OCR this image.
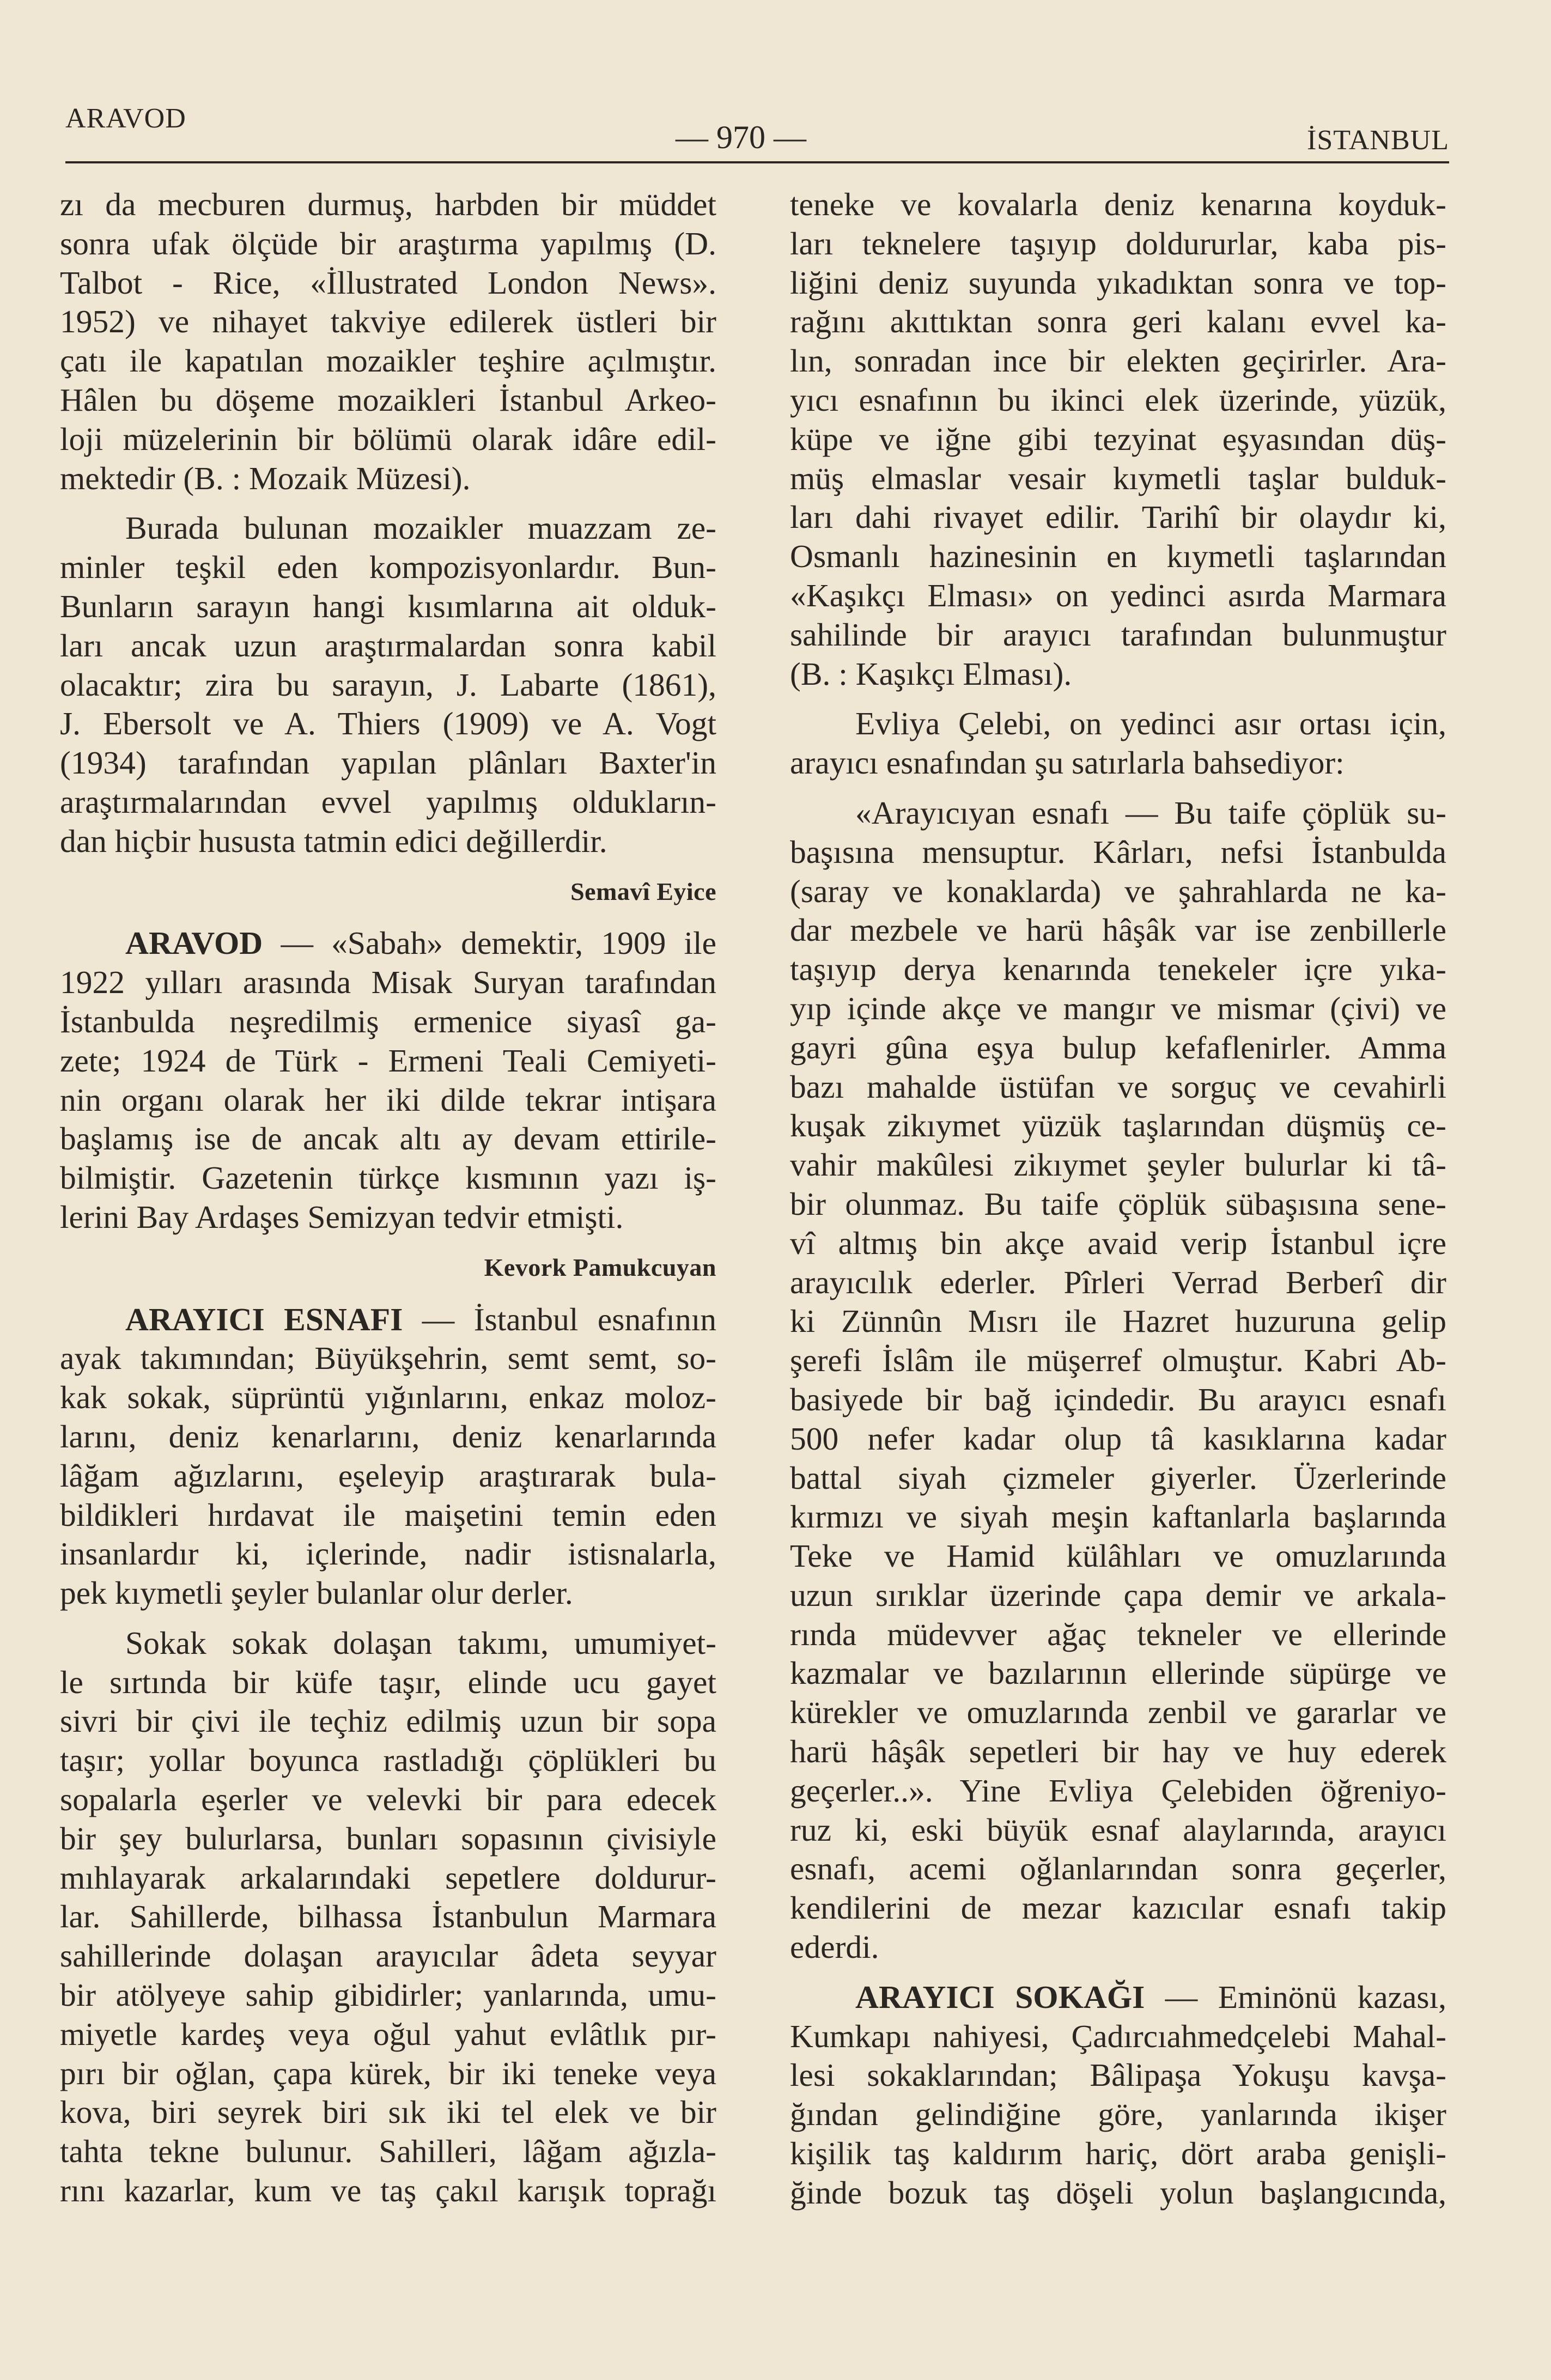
ARAVOD
— 970 —	İSTANBUL
zı da mecburen durmuş, harbden bir müddet
sonra ufak ölçüde bir araştırma yapılmış (D.
Talbot - Rice, «İllustrated London News».
1952) ve nihayet takviye edilerek üstleri bir
çatı ile kapatılan mozaikler teşhire açılmıştır.
Hâlen bu döşeme mozaikleri İstanbul Arkeo-
loji müzelerinin bir bölümü olarak idâre edil-
mektedir (B. : Mozaik Müzesi).
Burada bulunan mozaikler muazzam ze-
minler teşkil eden kompozisyonlardır. Bun-
Bunların sarayın hangi kısımlarına ait olduk-
ları ancak uzun araştırmalardan sonra kabil
olacaktır; zira bu sarayın, J. Labarte (1861),
J. Ebersolt ve A. Thiers (1909) ve A. Vogt
(1934) tarafından yapılan plânları Baxter'in
araştırmalarından evvel yapılmış oldukların-
dan hiçbir hususta tatmin edici değillerdir.
Semavî Eyice
ARAVOD — «Sabah» demektir, 1909 ile
1922 yılları arasında Misak Suryan tarafından
İstanbulda neşredilmiş ermenice siyasî ga-
zete; 1924 de Türk - Ermeni Teali Cemiyeti-
nin organı olarak her iki dilde tekrar intişara
başlamış ise de ancak altı ay devam ettirile-
bilmiştir. Gazetenin türkçe kısmının yazı iş-
lerini Bay Ardaşes Semizyan tedvir etmişti.
Kevork Pamukcuyan
ARAYICI ESNAFI — İstanbul esnafının
ayak takımından; Büyükşehrin, semt semt, so-
kak sokak, süprüntü yığınlarını, enkaz moloz-
larını, deniz kenarlarını, deniz kenarlarında
lâğam ağızlarını, eşeleyip araştırarak bula-
bildikleri hırdavat ile maişetini temin eden
insanlardır ki, içlerinde, nadir istisnalarla,
pek kıymetli şeyler bulanlar olur derler.
Sokak sokak dolaşan takımı, umumiyet-
le sırtında bir küfe taşır, elinde ucu gayet
sivri bir çivi ile teçhiz edilmiş uzun bir sopa
taşır; yollar boyunca rastladığı çöplükleri bu
sopalarla eşerler ve velevki bir para edecek
bir şey bulurlarsa, bunları sopasının çivisiyle
mıhlayarak arkalarındaki sepetlere doldurur-
lar. Sahillerde, bilhassa İstanbulun Marmara
sahillerinde dolaşan arayıcılar âdeta seyyar
bir atölyeye sahip gibidirler; yanlarında, umu-
miyetle kardeş veya oğul yahut evlâtlık pır-
pırı bir oğlan, çapa kürek, bir iki teneke veya
kova, biri seyrek biri sık iki tel elek ve bir
tahta tekne bulunur. Sahilleri, lâğam ağızla-
rını kazarlar, kum ve taş çakıl karışık toprağı
teneke ve kovalarla deniz kenarına koyduk-
ları teknelere taşıyıp doldururlar, kaba pis-
liğini deniz suyunda yıkadıktan sonra ve top-
rağını akıttıktan sonra geri kalanı evvel ka-
lın, sonradan ince bir elekten geçirirler. Ara-
yıcı esnafının bu ikinci elek üzerinde, yüzük,
küpe ve iğne gibi tezyinat eşyasından düş-
müş elmaslar vesair kıymetli taşlar bulduk-
ları dahi rivayet edilir. Tarihî bir olaydır ki,
Osmanlı hazinesinin en kıymetli taşlarından
«Kaşıkçı Elması» on yedinci asırda Marmara
sahilinde bir arayıcı tarafından bulunmuştur
(B. : Kaşıkçı Elması).
Evliya Çelebi, on yedinci asır ortası için,
arayıcı esnafından şu satırlarla bahsediyor:
«Arayıcıyan esnafı — Bu taife çöplük su-
başısına mensuptur. Kârları, nefsi İstanbulda
(saray ve konaklarda) ve şahrahlarda ne ka-
dar mezbele ve harü hâşâk var ise zenbillerle
taşıyıp derya kenarında tenekeler içre yıka-
yıp içinde akçe ve mangır ve mismar (çivi) ve
gayri gûna eşya bulup kefaflenirler. Amma
bazı mahalde üstüfan ve sorguç ve cevahirli
kuşak zikıymet yüzük taşlarından düşmüş ce-
vahir makûlesi zikıymet şeyler bulurlar ki tâ-
bir olunmaz. Bu taife çöplük sübaşısına sene-
vî altmış bin akçe avaid verip İstanbul içre
arayıcılık ederler. Pîrleri Verrad Berberî dir
ki Zünnûn Mısrı ile Hazret huzuruna gelip
şerefi İslâm ile müşerref olmuştur. Kabri Ab-
basiyede bir bağ içindedir. Bu arayıcı esnafı
500 nefer kadar olup tâ kasıklarına kadar
battal siyah çizmeler giyerler. Üzerlerinde
kırmızı ve siyah meşin kaftanlarla başlarında
Teke ve Hamid külâhları ve omuzlarıında
uzun sırıklar üzerinde çapa demir ve arkala-
rında müdevver ağaç tekneler ve ellerinde
kazmalar ve bazılarının ellerinde süpürge ve
kürekler ve omuzlarında zenbil ve gararlar ve
harü hâşâk sepetleri bir hay ve huy ederek
geçerler..». Yine Evliya Çelebiden öğreniyo-
ruz ki, eski büyük esnaf alaylarında, arayıcı
esnafı, acemi oğlanlarından sonra geçerler,
kendilerini de mezar kazıcılar esnafı takip
ederdi.
ARAYICI SOKAĞI — Eminönü kazası,
Kumkapı nahiyesi, Çadırcıahmedçelebi Mahal-
lesi sokaklarından; Bâlipaşa Yokuşu kavşa-
ğından gelindiğine göre, yanlarında ikişer
kişilik taş kaldırım hariç, dört araba genişli-
ğinde bozuk taş döşeli yolun başlangıcında,
